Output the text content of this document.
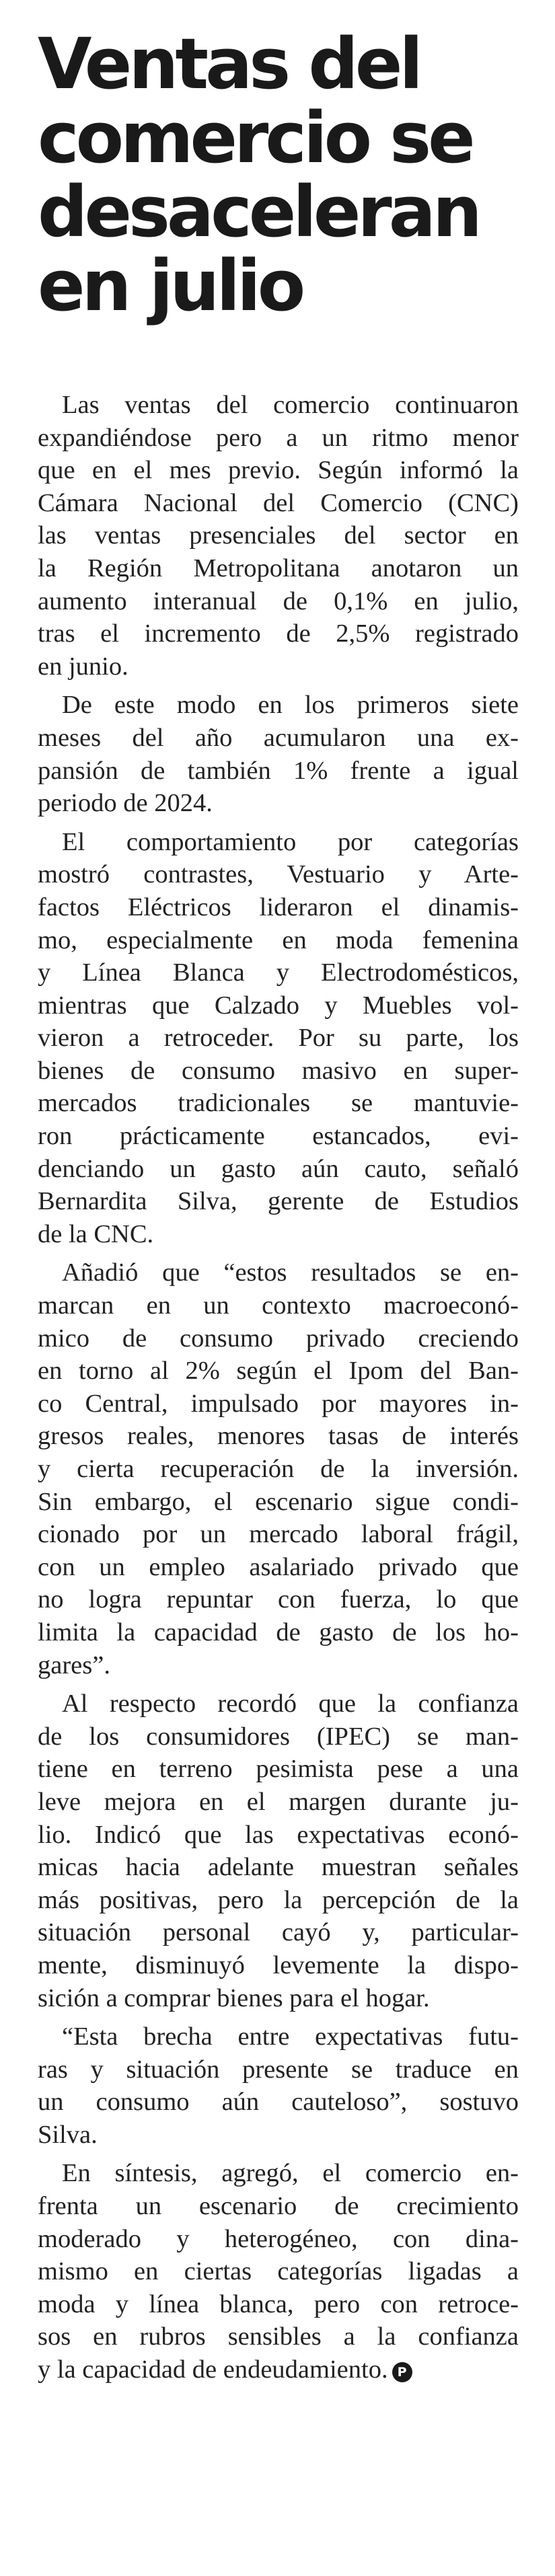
Ventas del
comercio se
desaceleran
en julio

Las ventas del comercio continuaron
expandiéndose pero a un ritmo menor
que en el mes previo. Según informó la
Cámara Nacional del Comercio (CNC)
las ventas presenciales del sector en
la Región Metropolitana anotaron un
aumento interanual de 0,1% en julio,
tras el incremento de 2,5% registrado
en junio.

De este modo en los primeros siete
meses del año acumularon una ex-
pansión de también 1% frente a igual
periodo de 2024.

El comportamiento por categorías
mostró contrastes, Vestuario y Arte-
factos Eléctricos lideraron el dinamis-
mo, especialmente en moda femenina
y Línea Blanca y Electrodomésticos,
mientras que Calzado y Muebles vol-
vieron a retroceder. Por su parte, los
bienes de consumo masivo en super-
mercados tradicionales se mantuvie-
ron prácticamente estancados, evi-
denciando un gasto aún cauto, señaló
Bernardita Silva, gerente de Estudios
de la CNC.

Añadió que “estos resultados se en-
marcan en un contexto macroeconó-
mico de consumo privado creciendo
en torno al 2% según el Ipom del Ban-
co Central, impulsado por mayores in-
gresos reales, menores tasas de interés
y cierta recuperación de la inversión.
Sin embargo, el escenario sigue condi-
cionado por un mercado laboral frágil,
con un empleo asalariado privado que
no logra repuntar con fuerza, lo que
limita la capacidad de gasto de los ho-
gares”.

Al respecto recordó que la confianza
de los consumidores (IPEC) se man-
tiene en terreno pesimista pese a una
leve mejora en el margen durante ju-
lio. Indicó que las expectativas econó-
micas hacia adelante muestran señales
más positivas, pero la percepción de la
situación personal cayó y, particular-
mente, disminuyó levemente la dispo-
sición a comprar bienes para el hogar.

“Esta brecha entre expectativas futu-
ras y situación presente se traduce en
un consumo aún cauteloso”, sostuvo
Silva.

En síntesis, agregó, el comercio en-
frenta un escenario de crecimiento
moderado y heterogéneo, con dina-
mismo en ciertas categorías ligadas a
moda y línea blanca, pero con retroce-
sos en rubros sensibles a la confianza
y la capacidad de endeudamiento. P
